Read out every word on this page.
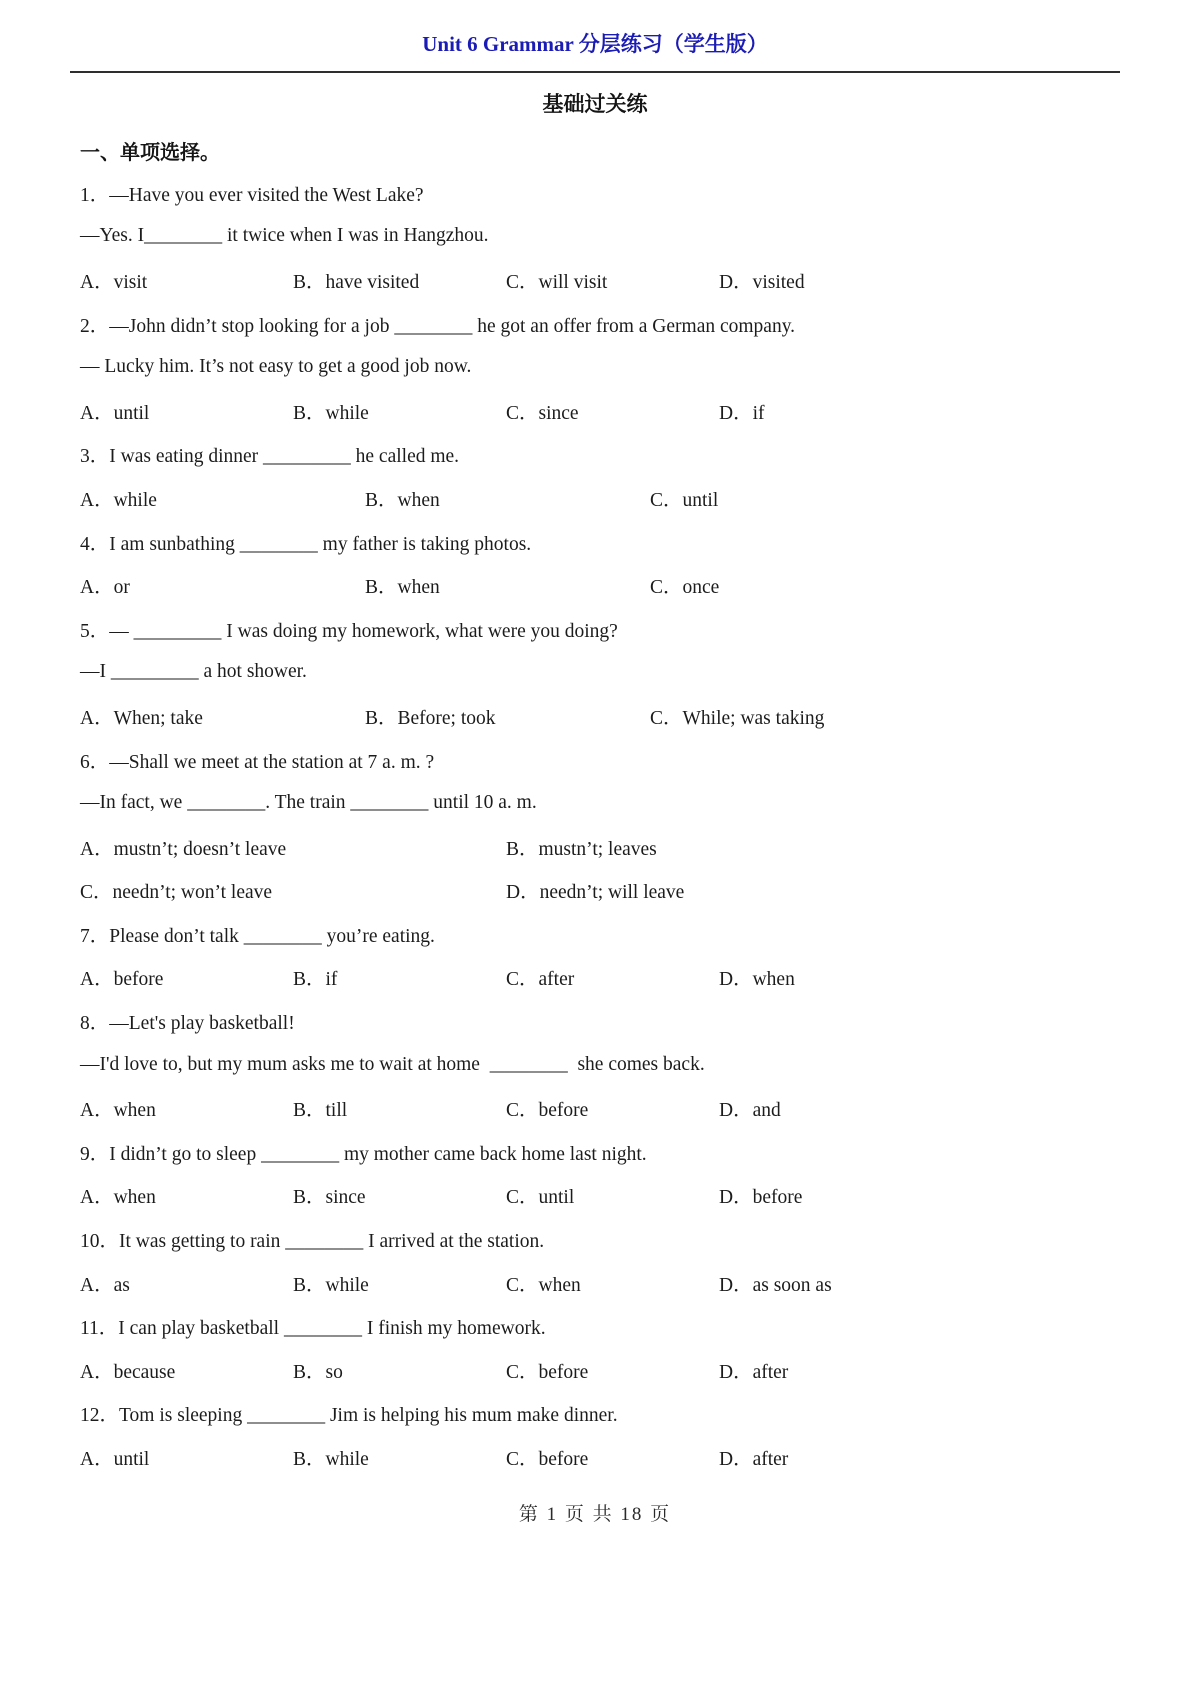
Unit 6 Grammar 分层练习（学生版）
基础过关练
一、单项选择。

1．—Have you ever visited the West Lake?

—Yes. I________ it twice when I was in Hangzhou.

A．visit	B．have visited	C．will visit	D．visited

2．—John didn’t stop looking for a job ________ he got an offer from a German company.

— Lucky him. It’s not easy to get a good job now.

A．until	B．while	C．since	D．if

3．I was eating dinner _________ he called me.

A．while	B．when	C．until

4．I am sunbathing ________ my father is taking photos.

A．or	B．when	C．once

5．— _________ I was doing my homework, what were you doing?

—I _________ a hot shower.

A．When; take	B．Before; took	C．While; was taking

6．—Shall we meet at the station at 7 a. m. ?

—In fact, we ________. The train ________ until 10 a. m.

A．mustn’t; doesn’t leave	B．mustn’t; leaves
C．needn’t; won’t leave	D．needn’t; will leave

7．Please don’t talk ________ you’re eating.

A．before	B．if	C．after	D．when

8．—Let's play basketball!

—I'd love to, but my mum asks me to wait at home  ________  she comes back.

A．when	B．till	C．before	D．and

9．I didn’t go to sleep ________ my mother came back home last night.

A．when	B．since	C．until	D．before

10．It was getting to rain ________ I arrived at the station.

A．as	B．while	C．when	D．as soon as

11．I can play basketball ________ I finish my homework.

A．because	B．so	C．before	D．after

12．Tom is sleeping ________ Jim is helping his mum make dinner.

A．until	B．while	C．before	D．after
第 1 页 共 18 页
